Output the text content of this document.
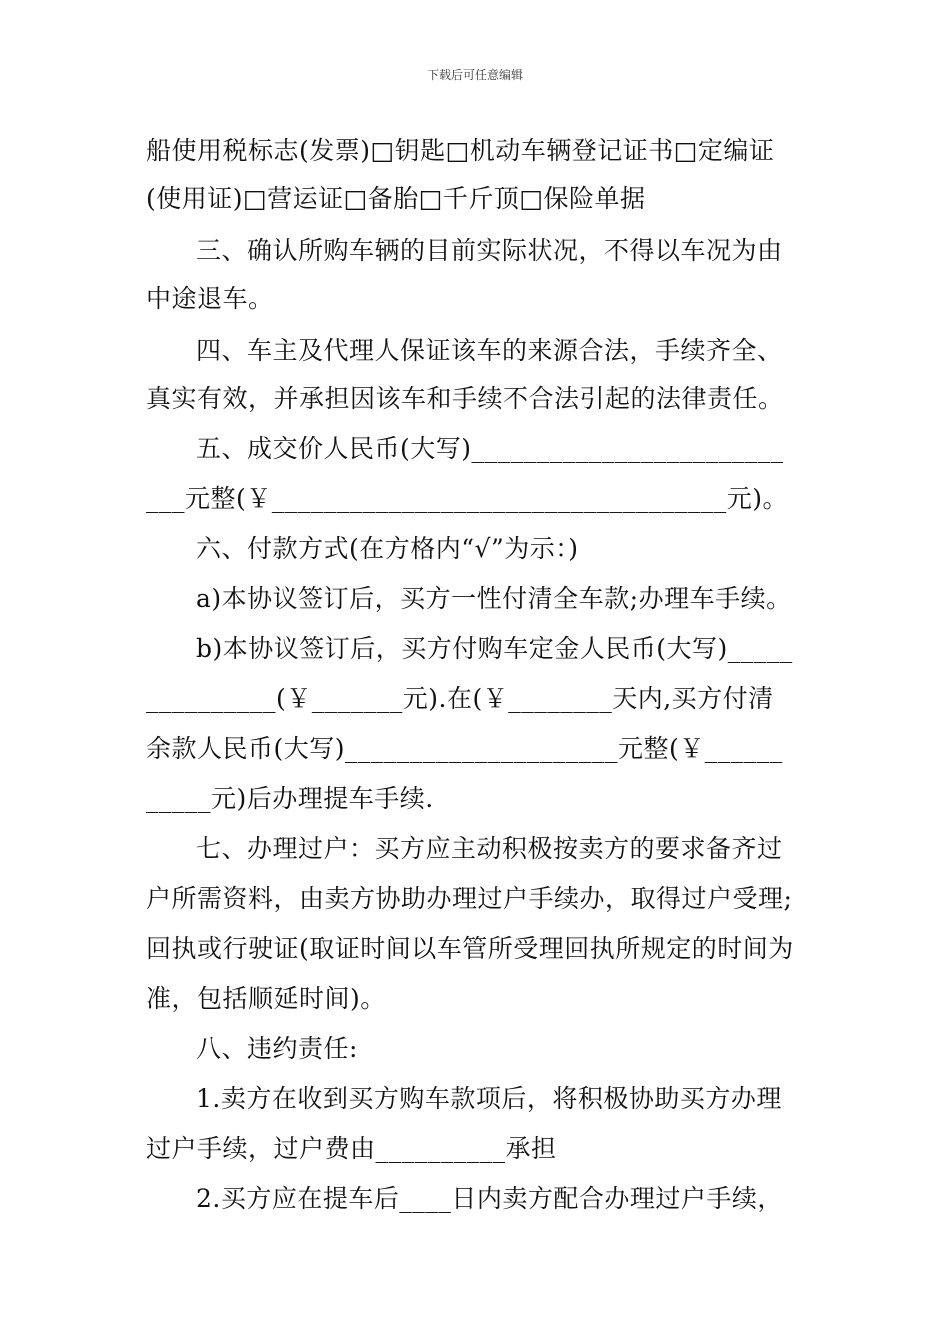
下载后可任意编辑
船使用税标志(发票)□钥匙□机动车辆登记证书□定编证
(使用证)□营运证□备胎□千斤顶□保险单据
三、确认所购车辆的目前实际状况，不得以车况为由
中途退车。
四、车主及代理人保证该车的来源合法，手续齐全、
真实有效，并承担因该车和手续不合法引起的法律责任。
五、成交价人民币(大写)________________________
___元整(￥___________________________________元)。
六、付款方式(在方格内“√”为示：)
a)本协议签订后，买方一性付清全车款;办理车手续。
b)本协议签订后，买方付购车定金人民币(大写)_____
__________(￥_______元).在(￥________天内,买方付清
余款人民币(大写)_____________________元整(￥______
_____元)后办理提车手续.
七、办理过户：买方应主动积极按卖方的要求备齐过
户所需资料，由卖方协助办理过户手续办，取得过户受理;
回执或行驶证(取证时间以车管所受理回执所规定的时间为
准，包括顺延时间)。
八、违约责任:
1.卖方在收到买方购车款项后，将积极协助买方办理
过户手续，过户费由__________承担
2.买方应在提车后____日内卖方配合办理过户手续，
